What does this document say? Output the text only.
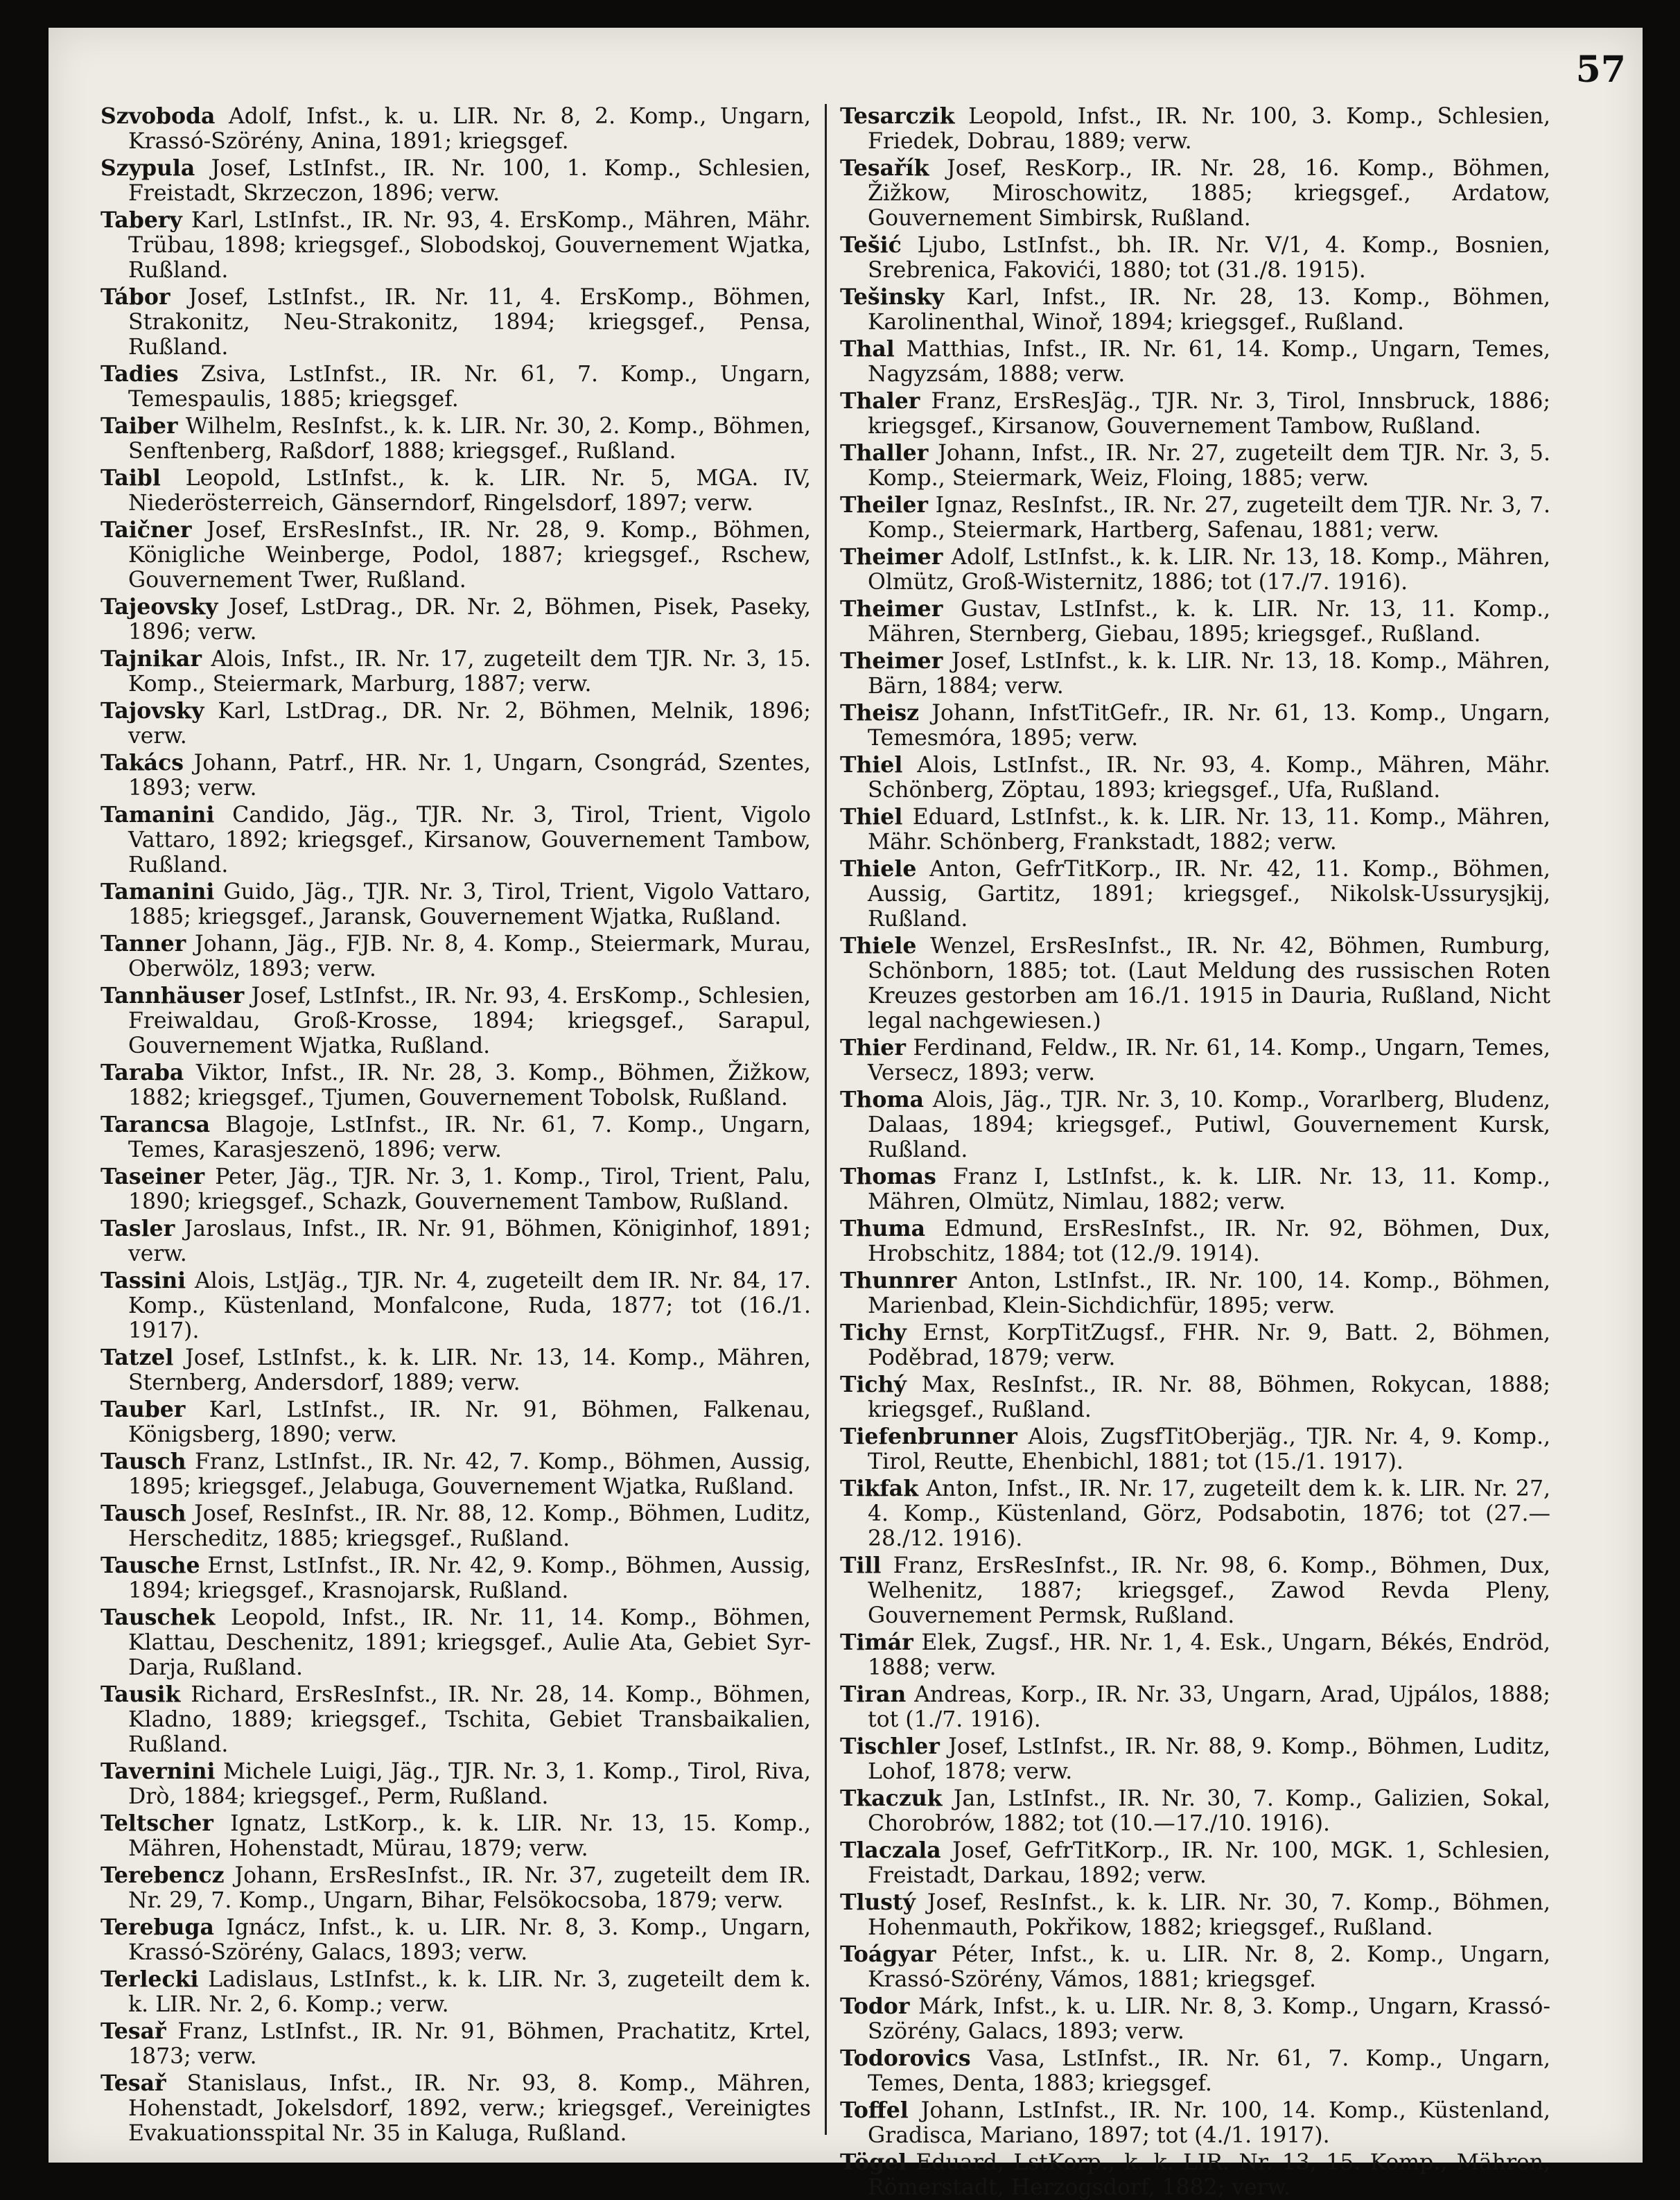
57

Szvoboda Adolf, Infst., k. u. LIR. Nr. 8, 2. Komp., Ungarn, Krassó-Szörény, Anina, 1891; kriegsgef.

Szypula Josef, LstInfst., IR. Nr. 100, 1. Komp., Schlesien, Freistadt, Skrzeczon, 1896; verw.

Tabery Karl, LstInfst., IR. Nr. 93, 4. ErsKomp., Mähren, Mähr. Trübau, 1898; kriegsgef., Slobodskoj, Gouvernement Wjatka, Rußland.

Tábor Josef, LstInfst., IR. Nr. 11, 4. ErsKomp., Böhmen, Strakonitz, Neu-Strakonitz, 1894; kriegsgef., Pensa, Rußland.

Tadies Zsiva, LstInfst., IR. Nr. 61, 7. Komp., Ungarn, Temespaulis, 1885; kriegsgef.

Taiber Wilhelm, ResInfst., k. k. LIR. Nr. 30, 2. Komp., Böhmen, Senftenberg, Raßdorf, 1888; kriegsgef., Rußland.

Taibl Leopold, LstInfst., k. k. LIR. Nr. 5, MGA. IV, Niederösterreich, Gänserndorf, Ringelsdorf, 1897; verw.

Taičner Josef, ErsResInfst., IR. Nr. 28, 9. Komp., Böhmen, Königliche Weinberge, Podol, 1887; kriegsgef., Rschew, Gouvernement Twer, Rußland.

Tajeovsky Josef, LstDrag., DR. Nr. 2, Böhmen, Pisek, Paseky, 1896; verw.

Tajnikar Alois, Infst., IR. Nr. 17, zugeteilt dem TJR. Nr. 3, 15. Komp., Steiermark, Marburg, 1887; verw.

Tajovsky Karl, LstDrag., DR. Nr. 2, Böhmen, Melnik, 1896; verw.

Takács Johann, Patrf., HR. Nr. 1, Ungarn, Csongrád, Szentes, 1893; verw.

Tamanini Candido, Jäg., TJR. Nr. 3, Tirol, Trient, Vigolo Vattaro, 1892; kriegsgef., Kirsanow, Gouvernement Tambow, Rußland.

Tamanini Guido, Jäg., TJR. Nr. 3, Tirol, Trient, Vigolo Vattaro, 1885; kriegsgef., Jaransk, Gouvernement Wjatka, Rußland.

Tanner Johann, Jäg., FJB. Nr. 8, 4. Komp., Steiermark, Murau, Oberwölz, 1893; verw.

Tannhäuser Josef, LstInfst., IR. Nr. 93, 4. ErsKomp., Schlesien, Freiwaldau, Groß-Krosse, 1894; kriegsgef., Sarapul, Gouvernement Wjatka, Rußland.

Taraba Viktor, Infst., IR. Nr. 28, 3. Komp., Böhmen, Žižkow, 1882; kriegsgef., Tjumen, Gouvernement Tobolsk, Rußland.

Tarancsa Blagoje, LstInfst., IR. Nr. 61, 7. Komp., Ungarn, Temes, Karasjeszenö, 1896; verw.

Taseiner Peter, Jäg., TJR. Nr. 3, 1. Komp., Tirol, Trient, Palu, 1890; kriegsgef., Schazk, Gouvernement Tambow, Rußland.

Tasler Jaroslaus, Infst., IR. Nr. 91, Böhmen, Königinhof, 1891; verw.

Tassini Alois, LstJäg., TJR. Nr. 4, zugeteilt dem IR. Nr. 84, 17. Komp., Küstenland, Monfalcone, Ruda, 1877; tot (16./1. 1917).

Tatzel Josef, LstInfst., k. k. LIR. Nr. 13, 14. Komp., Mähren, Sternberg, Andersdorf, 1889; verw.

Tauber Karl, LstInfst., IR. Nr. 91, Böhmen, Falkenau, Königsberg, 1890; verw.

Tausch Franz, LstInfst., IR. Nr. 42, 7. Komp., Böhmen, Aussig, 1895; kriegsgef., Jelabuga, Gouvernement Wjatka, Rußland.

Tausch Josef, ResInfst., IR. Nr. 88, 12. Komp., Böhmen, Luditz, Herscheditz, 1885; kriegsgef., Rußland.

Tausche Ernst, LstInfst., IR. Nr. 42, 9. Komp., Böhmen, Aussig, 1894; kriegsgef., Krasnojarsk, Rußland.

Tauschek Leopold, Infst., IR. Nr. 11, 14. Komp., Böhmen, Klattau, Deschenitz, 1891; kriegsgef., Aulie Ata, Gebiet Syr-Darja, Rußland.

Tausik Richard, ErsResInfst., IR. Nr. 28, 14. Komp., Böhmen, Kladno, 1889; kriegsgef., Tschita, Gebiet Transbaikalien, Rußland.

Tavernini Michele Luigi, Jäg., TJR. Nr. 3, 1. Komp., Tirol, Riva, Drò, 1884; kriegsgef., Perm, Rußland.

Teltscher Ignatz, LstKorp., k. k. LIR. Nr. 13, 15. Komp., Mähren, Hohenstadt, Mürau, 1879; verw.

Terebencz Johann, ErsResInfst., IR. Nr. 37, zugeteilt dem IR. Nr. 29, 7. Komp., Ungarn, Bihar, Felsökocsoba, 1879; verw.

Terebuga Ignácz, Infst., k. u. LIR. Nr. 8, 3. Komp., Ungarn, Krassó-Szörény, Galacs, 1893; verw.

Terlecki Ladislaus, LstInfst., k. k. LIR. Nr. 3, zugeteilt dem k. k. LIR. Nr. 2, 6. Komp.; verw.

Tesař Franz, LstInfst., IR. Nr. 91, Böhmen, Prachatitz, Krtel, 1873; verw.

Tesař Stanislaus, Infst., IR. Nr. 93, 8. Komp., Mähren, Hohenstadt, Jokelsdorf, 1892, verw.; kriegsgef., Vereinigtes Evakuationsspital Nr. 35 in Kaluga, Rußland.

Tesarczik Leopold, Infst., IR. Nr. 100, 3. Komp., Schlesien, Friedek, Dobrau, 1889; verw.

Tesařík Josef, ResKorp., IR. Nr. 28, 16. Komp., Böhmen, Žižkow, Miroschowitz, 1885; kriegsgef., Ardatow, Gouvernement Simbirsk, Rußland.

Tešić Ljubo, LstInfst., bh. IR. Nr. V/1, 4. Komp., Bosnien, Srebrenica, Fakovići, 1880; tot (31./8. 1915).

Tešinsky Karl, Infst., IR. Nr. 28, 13. Komp., Böhmen, Karolinenthal, Winoř, 1894; kriegsgef., Rußland.

Thal Matthias, Infst., IR. Nr. 61, 14. Komp., Ungarn, Temes, Nagyzsám, 1888; verw.

Thaler Franz, ErsResJäg., TJR. Nr. 3, Tirol, Innsbruck, 1886; kriegsgef., Kirsanow, Gouvernement Tambow, Rußland.

Thaller Johann, Infst., IR. Nr. 27, zugeteilt dem TJR. Nr. 3, 5. Komp., Steiermark, Weiz, Floing, 1885; verw.

Theiler Ignaz, ResInfst., IR. Nr. 27, zugeteilt dem TJR. Nr. 3, 7. Komp., Steiermark, Hartberg, Safenau, 1881; verw.

Theimer Adolf, LstInfst., k. k. LIR. Nr. 13, 18. Komp., Mähren, Olmütz, Groß-Wisternitz, 1886; tot (17./7. 1916).

Theimer Gustav, LstInfst., k. k. LIR. Nr. 13, 11. Komp., Mähren, Sternberg, Giebau, 1895; kriegsgef., Rußland.

Theimer Josef, LstInfst., k. k. LIR. Nr. 13, 18. Komp., Mähren, Bärn, 1884; verw.

Theisz Johann, InfstTitGefr., IR. Nr. 61, 13. Komp., Ungarn, Temesmóra, 1895; verw.

Thiel Alois, LstInfst., IR. Nr. 93, 4. Komp., Mähren, Mähr. Schönberg, Zöptau, 1893; kriegsgef., Ufa, Rußland.

Thiel Eduard, LstInfst., k. k. LIR. Nr. 13, 11. Komp., Mähren, Mähr. Schönberg, Frankstadt, 1882; verw.

Thiele Anton, GefrTitKorp., IR. Nr. 42, 11. Komp., Böhmen, Aussig, Gartitz, 1891; kriegsgef., Nikolsk-Ussurysjkij, Rußland.

Thiele Wenzel, ErsResInfst., IR. Nr. 42, Böhmen, Rumburg, Schönborn, 1885; tot. (Laut Meldung des russischen Roten Kreuzes gestorben am 16./1. 1915 in Dauria, Rußland, Nicht legal nachgewiesen.)

Thier Ferdinand, Feldw., IR. Nr. 61, 14. Komp., Ungarn, Temes, Versecz, 1893; verw.

Thoma Alois, Jäg., TJR. Nr. 3, 10. Komp., Vorarlberg, Bludenz, Dalaas, 1894; kriegsgef., Putiwl, Gouvernement Kursk, Rußland.

Thomas Franz I, LstInfst., k. k. LIR. Nr. 13, 11. Komp., Mähren, Olmütz, Nimlau, 1882; verw.

Thuma Edmund, ErsResInfst., IR. Nr. 92, Böhmen, Dux, Hrobschitz, 1884; tot (12./9. 1914).

Thunnrer Anton, LstInfst., IR. Nr. 100, 14. Komp., Böhmen, Marienbad, Klein-Sichdichfür, 1895; verw.

Tichy Ernst, KorpTitZugsf., FHR. Nr. 9, Batt. 2, Böhmen, Poděbrad, 1879; verw.

Tichý Max, ResInfst., IR. Nr. 88, Böhmen, Rokycan, 1888; kriegsgef., Rußland.

Tiefenbrunner Alois, ZugsfTitOberjäg., TJR. Nr. 4, 9. Komp., Tirol, Reutte, Ehenbichl, 1881; tot (15./1. 1917).

Tikfak Anton, Infst., IR. Nr. 17, zugeteilt dem k. k. LIR. Nr. 27, 4. Komp., Küstenland, Görz, Podsabotin, 1876; tot (27.—28./12. 1916).

Till Franz, ErsResInfst., IR. Nr. 98, 6. Komp., Böhmen, Dux, Welhenitz, 1887; kriegsgef., Zawod Revda Pleny, Gouvernement Permsk, Rußland.

Timár Elek, Zugsf., HR. Nr. 1, 4. Esk., Ungarn, Békés, Endröd, 1888; verw.

Tiran Andreas, Korp., IR. Nr. 33, Ungarn, Arad, Ujpálos, 1888; tot (1./7. 1916).

Tischler Josef, LstInfst., IR. Nr. 88, 9. Komp., Böhmen, Luditz, Lohof, 1878; verw.

Tkaczuk Jan, LstInfst., IR. Nr. 30, 7. Komp., Galizien, Sokal, Chorobrów, 1882; tot (10.—17./10. 1916).

Tlaczala Josef, GefrTitKorp., IR. Nr. 100, MGK. 1, Schlesien, Freistadt, Darkau, 1892; verw.

Tlustý Josef, ResInfst., k. k. LIR. Nr. 30, 7. Komp., Böhmen, Hohenmauth, Pokřikow, 1882; kriegsgef., Rußland.

Toágyar Péter, Infst., k. u. LIR. Nr. 8, 2. Komp., Ungarn, Krassó-Szörény, Vámos, 1881; kriegsgef.

Todor Márk, Infst., k. u. LIR. Nr. 8, 3. Komp., Ungarn, Krassó-Szörény, Galacs, 1893; verw.

Todorovics Vasa, LstInfst., IR. Nr. 61, 7. Komp., Ungarn, Temes, Denta, 1883; kriegsgef.

Toffel Johann, LstInfst., IR. Nr. 100, 14. Komp., Küstenland, Gradisca, Mariano, 1897; tot (4./1. 1917).

Tögel Eduard, LstKorp., k. k. LIR. Nr. 13, 15. Komp., Mähren, Römerstadt, Herzogsdorf, 1882; verw.
